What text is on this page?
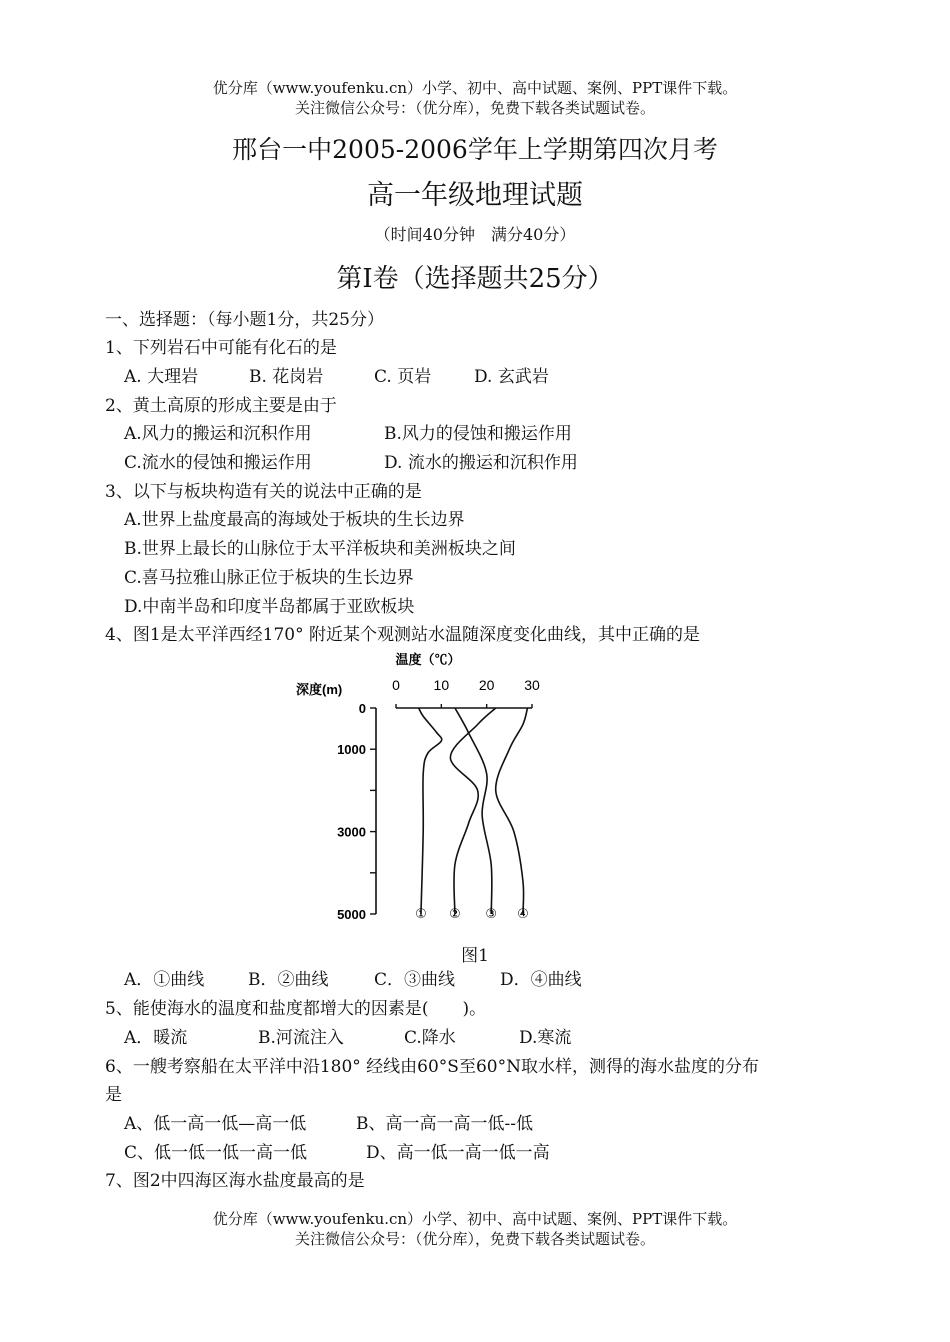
优分库（www.youfenku.cn）小学、初中、高中试题、案例、PPT课件下载。
关注微信公众号：（优分库），免费下载各类试题试卷。
邢台一中2005-2006学年上学期第四次月考
高一年级地理试题
（时间40分钟　满分40分）
第Ⅰ卷（选择题共25分）
一、选择题：（每小题1分，共25分）
1、下列岩石中可能有化石的是
A. 大理岩	B. 花岗岩	C. 页岩	D. 玄武岩
2、黄土高原的形成主要是由于
A.风力的搬运和沉积作用	B.风力的侵蚀和搬运作用
C.流水的侵蚀和搬运作用	D. 流水的搬运和沉积作用
3、以下与板块构造有关的说法中正确的是
A.世界上盐度最高的海域处于板块的生长边界
B.世界上最长的山脉位于太平洋板块和美洲板块之间
C.喜马拉雅山脉正位于板块的生长边界
D.中南半岛和印度半岛都属于亚欧板块
4、图1是太平洋西经170° 附近某个观测站水温随深度变化曲线，其中正确的是
温度（℃）
深度(m)	0 10 20 30
0
1000
3000
5000	① ② ③ ④
图1
A．①曲线	B．②曲线	C．③曲线	D．④曲线
5、能使海水的温度和盐度都增大的因素是(　　)。
A．暖流	B.河流注入	C.降水	D.寒流
6、一艘考察船在太平洋中沿180° 经线由60°S至60°N取水样，测得的海水盐度的分布
是
A、低一高一低—高一低	B、高一高一高一低--低
C、低一低一低一高一低	D、高一低一高一低一高
7、图2中四海区海水盐度最高的是
优分库（www.youfenku.cn）小学、初中、高中试题、案例、PPT课件下载。
关注微信公众号：（优分库），免费下载各类试题试卷。
